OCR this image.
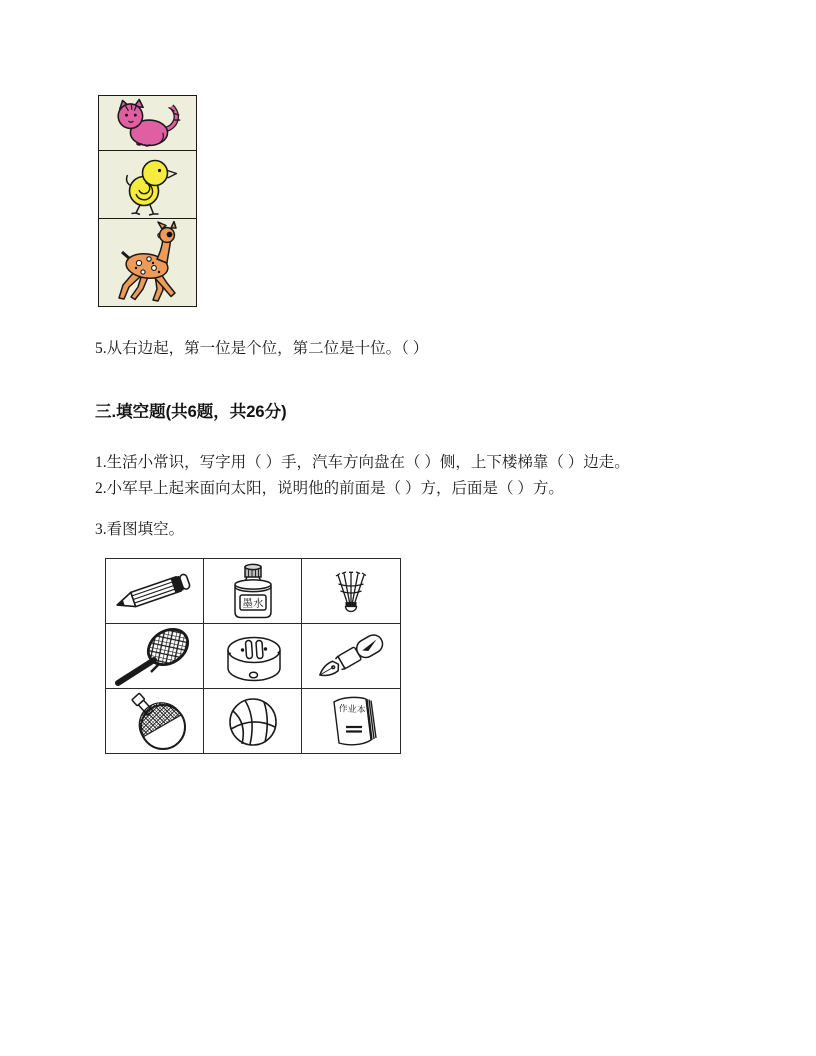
5.从右边起，第一位是个位，第二位是十位。（ ）
三.填空题(共6题，共26分)
1.生活小常识，写字用（ ）手，汽车方向盘在（ ）侧，上下楼梯靠（ ）边走。
2.小军早上起来面向太阳，说明他的前面是（ ）方，后面是（ ）方。
3.看图填空。
墨水
作业本
